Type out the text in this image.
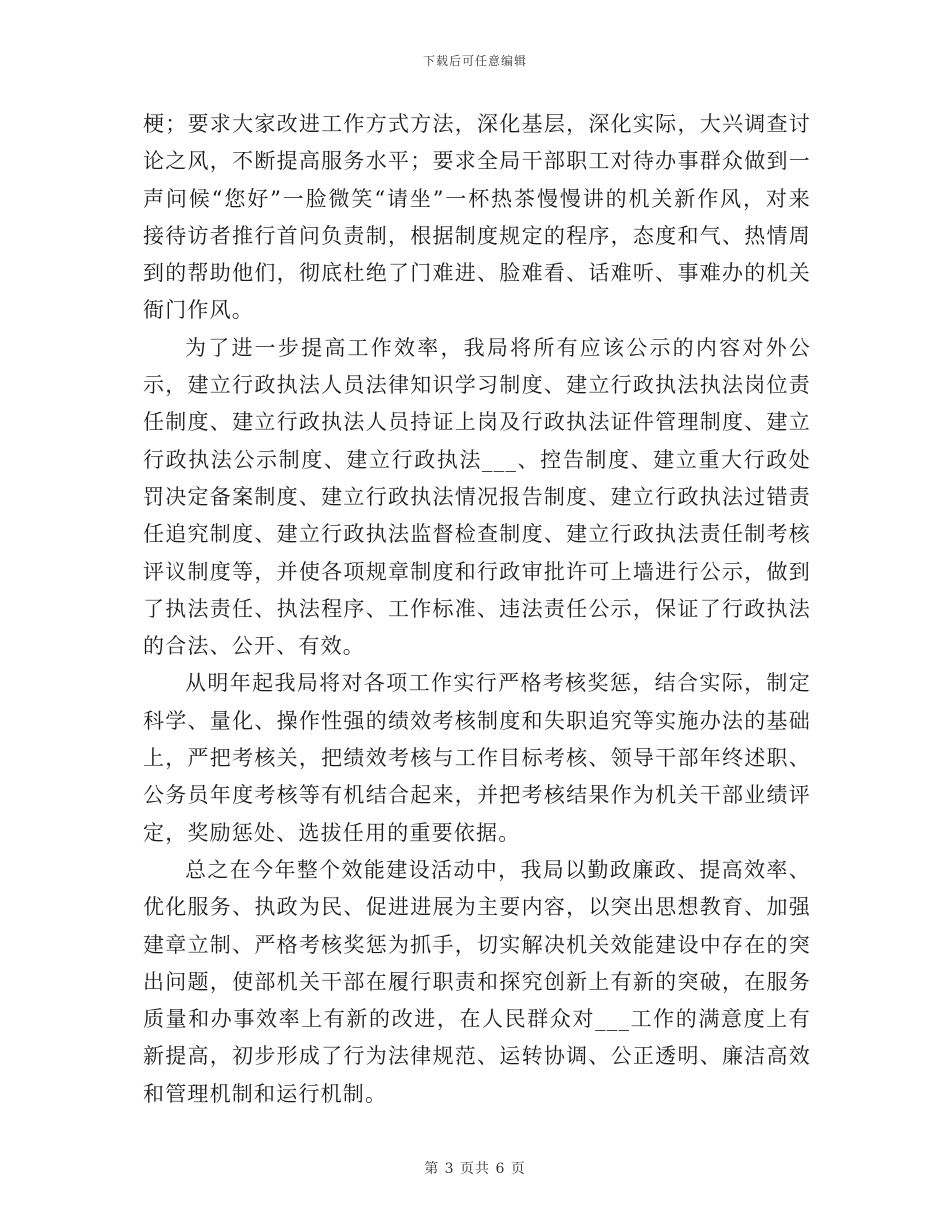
下载后可任意编辑

梗；要求大家改进工作方式方法，深化基层，深化实际，大兴调查讨论之风，不断提高服务水平；要求全局干部职工对待办事群众做到一声问候“您好”一脸微笑“请坐”一杯热茶慢慢讲的机关新作风，对来接待访者推行首问负责制，根据制度规定的程序，态度和气、热情周到的帮助他们，彻底杜绝了门难进、脸难看、话难听、事难办的机关衙门作风。

为了进一步提高工作效率，我局将所有应该公示的内容对外公示，建立行政执法人员法律知识学习制度、建立行政执法执法岗位责任制度、建立行政执法人员持证上岗及行政执法证件管理制度、建立行政执法公示制度、建立行政执法___、控告制度、建立重大行政处罚决定备案制度、建立行政执法情况报告制度、建立行政执法过错责任追究制度、建立行政执法监督检查制度、建立行政执法责任制考核评议制度等，并使各项规章制度和行政审批许可上墙进行公示，做到了执法责任、执法程序、工作标准、违法责任公示，保证了行政执法的合法、公开、有效。

从明年起我局将对各项工作实行严格考核奖惩，结合实际，制定科学、量化、操作性强的绩效考核制度和失职追究等实施办法的基础上，严把考核关，把绩效考核与工作目标考核、领导干部年终述职、公务员年度考核等有机结合起来，并把考核结果作为机关干部业绩评定，奖励惩处、选拔任用的重要依据。

总之在今年整个效能建设活动中，我局以勤政廉政、提高效率、优化服务、执政为民、促进进展为主要内容，以突出思想教育、加强建章立制、严格考核奖惩为抓手，切实解决机关效能建设中存在的突出问题，使部机关干部在履行职责和探究创新上有新的突破，在服务质量和办事效率上有新的改进，在人民群众对___工作的满意度上有新提高，初步形成了行为法律规范、运转协调、公正透明、廉洁高效和管理机制和运行机制。

第 3 页共 6 页
